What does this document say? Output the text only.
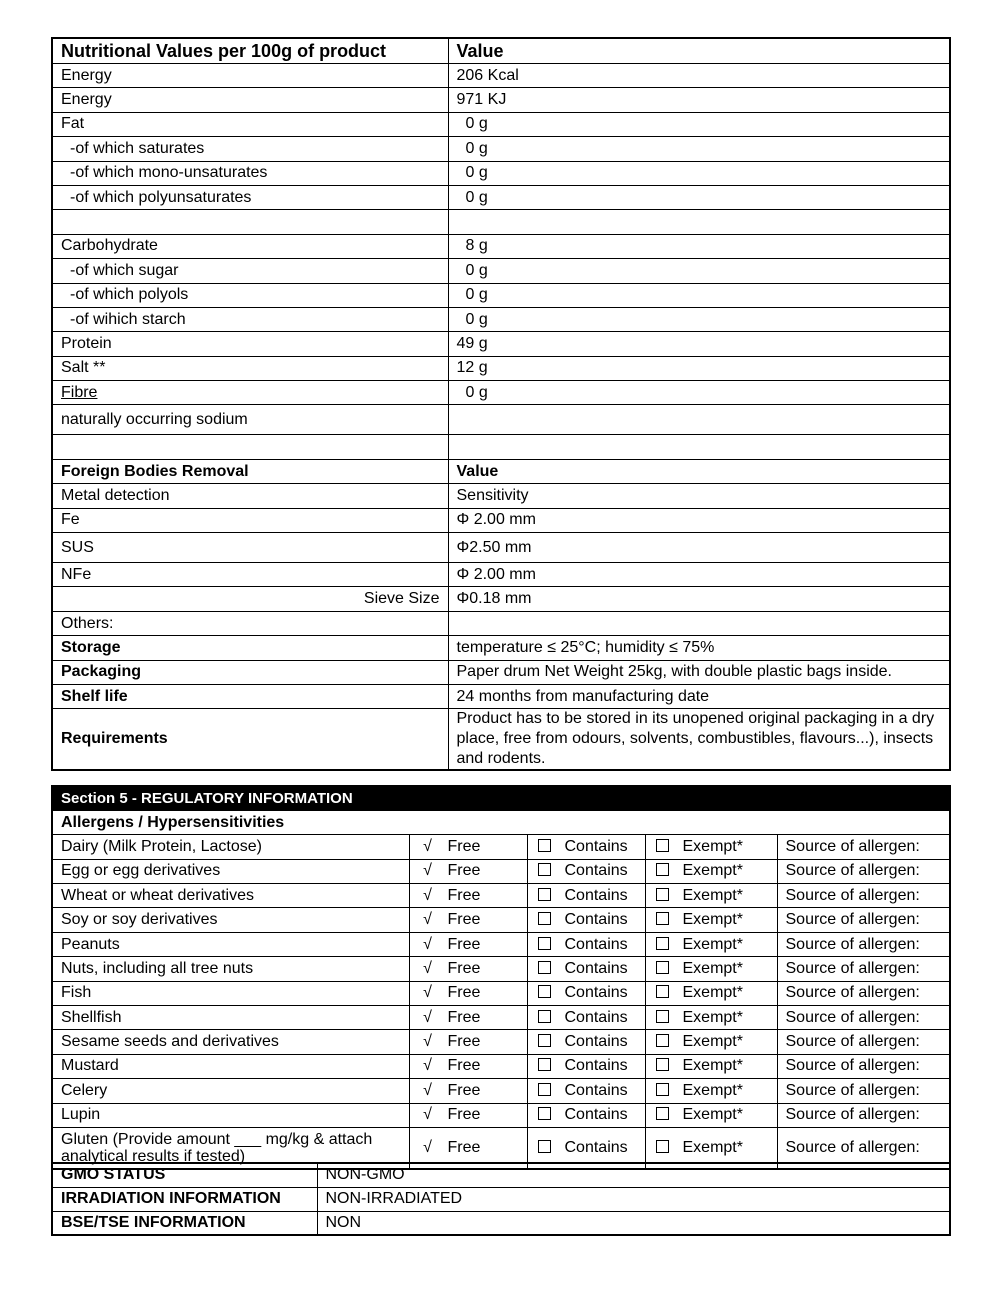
Nutritional Values per 100g of product	Value
Energy	206 Kcal
Energy	971 KJ
Fat	0 g
-of which saturates	0 g
-of which mono-unsaturates	0 g
-of which polyunsaturates	0 g

Carbohydrate	8 g
-of which sugar	0 g
-of which polyols	0 g
-of wihich starch	0 g
Protein	49 g
Salt **	12 g
Fibre	0 g
naturally occurring sodium	

Foreign Bodies Removal	Value
Metal detection	Sensitivity
Fe	Φ 2.00 mm
SUS	Φ2.50 mm
NFe	Φ 2.00 mm
Sieve Size	Φ0.18 mm
Others:	
Storage	temperature ≤ 25°C; humidity ≤ 75%
Packaging	Paper drum Net Weight 25kg, with double plastic bags inside.
Shelf life	24 months from manufacturing date
Requirements	Product has to be stored in its unopened original packaging in a dry place, free from odours, solvents, combustibles, flavours...), insects and rodents.
Section 5 - REGULATORY INFORMATION				
Allergens / Hypersensitivities				
Dairy (Milk Protein, Lactose)	√ Free	Contains	Exempt*	Source of allergen:
Egg or egg derivatives	√ Free	Contains	Exempt*	Source of allergen:
Wheat or wheat derivatives	√ Free	Contains	Exempt*	Source of allergen:
Soy or soy derivatives	√ Free	Contains	Exempt*	Source of allergen:
Peanuts	√ Free	Contains	Exempt*	Source of allergen:
Nuts, including all tree nuts	√ Free	Contains	Exempt*	Source of allergen:
Fish	√ Free	Contains	Exempt*	Source of allergen:
Shellfish	√ Free	Contains	Exempt*	Source of allergen:
Sesame seeds and derivatives	√ Free	Contains	Exempt*	Source of allergen:
Mustard	√ Free	Contains	Exempt*	Source of allergen:
Celery	√ Free	Contains	Exempt*	Source of allergen:
Lupin	√ Free	Contains	Exempt*	Source of allergen:
Gluten (Provide amount ___ mg/kg & attach analytical results if tested)	√ Free	Contains	Exempt*	Source of allergen:
GMO STATUS	NON-GMO
IRRADIATION INFORMATION	NON-IRRADIATED
BSE/TSE INFORMATION	NON
